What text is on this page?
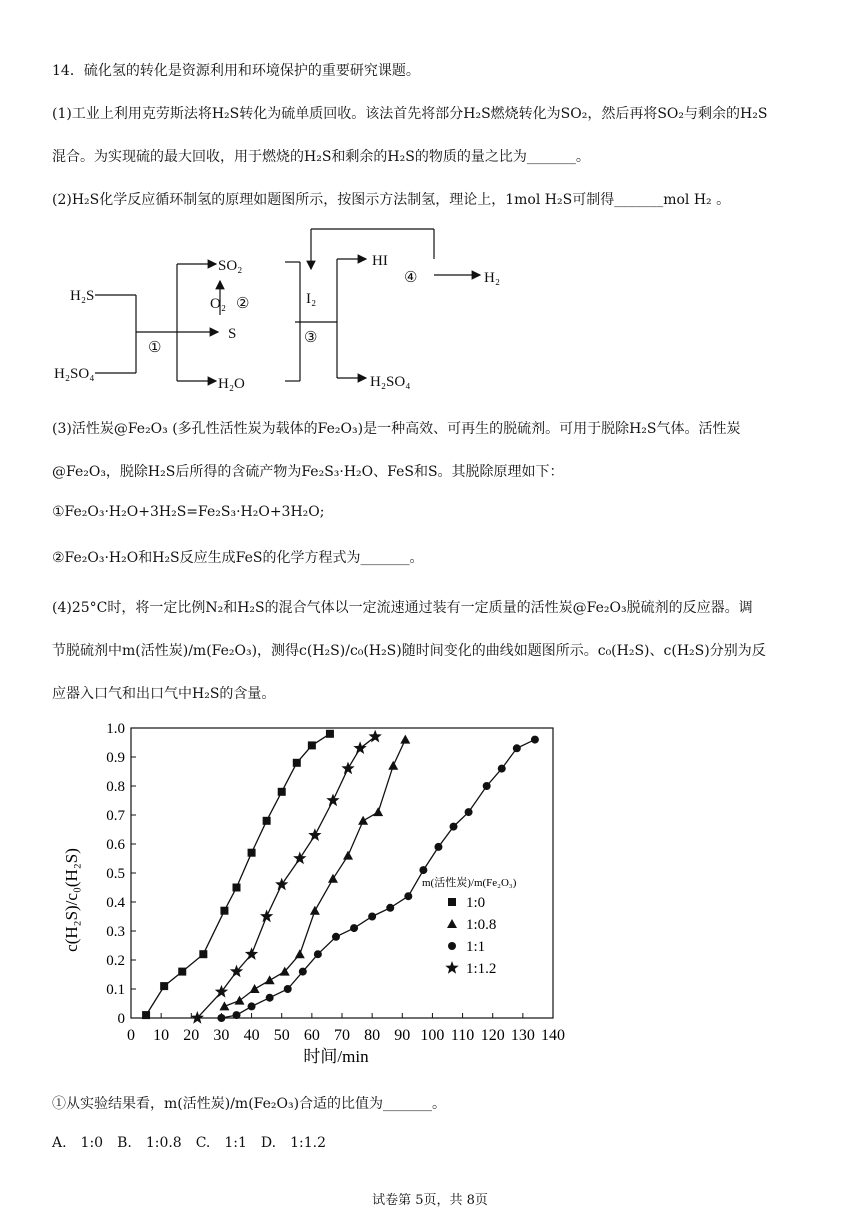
14．硫化氢的转化是资源利用和环境保护的重要研究课题。
(1)工业上利用克劳斯法将H₂S转化为硫单质回收。该法首先将部分H₂S燃烧转化为SO₂，然后再将SO₂与剩余的H₂S
混合。为实现硫的最大回收，用于燃烧的H₂S和剩余的H₂S的物质的量之比为_______。
(2)H₂S化学反应循环制氢的原理如题图所示，按图示方法制氢，理论上，1mol H₂S可制得_______mol H₂ 。
H₂S
H₂SO₄
①
SO₂
O₂ ②
S
H₂O
I₂
③
HI
④	H₂
H₂SO₄
(3)活性炭@Fe₂O₃ (多孔性活性炭为载体的Fe₂O₃)是一种高效、可再生的脱硫剂。可用于脱除H₂S气体。活性炭
@Fe₂O₃，脱除H₂S后所得的含硫产物为Fe₂S₃·H₂O、FeS和S。其脱除原理如下：
①Fe₂O₃·H₂O+3H₂S=Fe₂S₃·H₂O+3H₂O;
②Fe₂O₃·H₂O和H₂S反应生成FeS的化学方程式为_______。
(4)25°C时，将一定比例N₂和H₂S的混合气体以一定流速通过装有一定质量的活性炭@Fe₂O₃脱硫剂的反应器。调
节脱硫剂中m(活性炭)/m(Fe₂O₃)，测得c(H₂S)/c₀(H₂S)随时间变化的曲线如题图所示。c₀(H₂S)、c(H₂S)分别为反
应器入口气和出口气中H₂S的含量。
0 10 20 30 40 50 60 70 80 90 100 110 120 130 140
0
0.1
0.2
0.3
0.4
0.5
0.6
0.7
0.8
0.9
1.0
时间/min
c(H₂S)/c₀(H₂S)	m(活性炭)/m(Fe₂O₃)
1:0
1:0.8
1:1
1:1.2
①从实验结果看，m(活性炭)/m(Fe₂O₃)合适的比值为_______。
A.　1:0　B.　1:0.8　C.　1:1　D.　1:1.2
试卷第 5页，共 8页
